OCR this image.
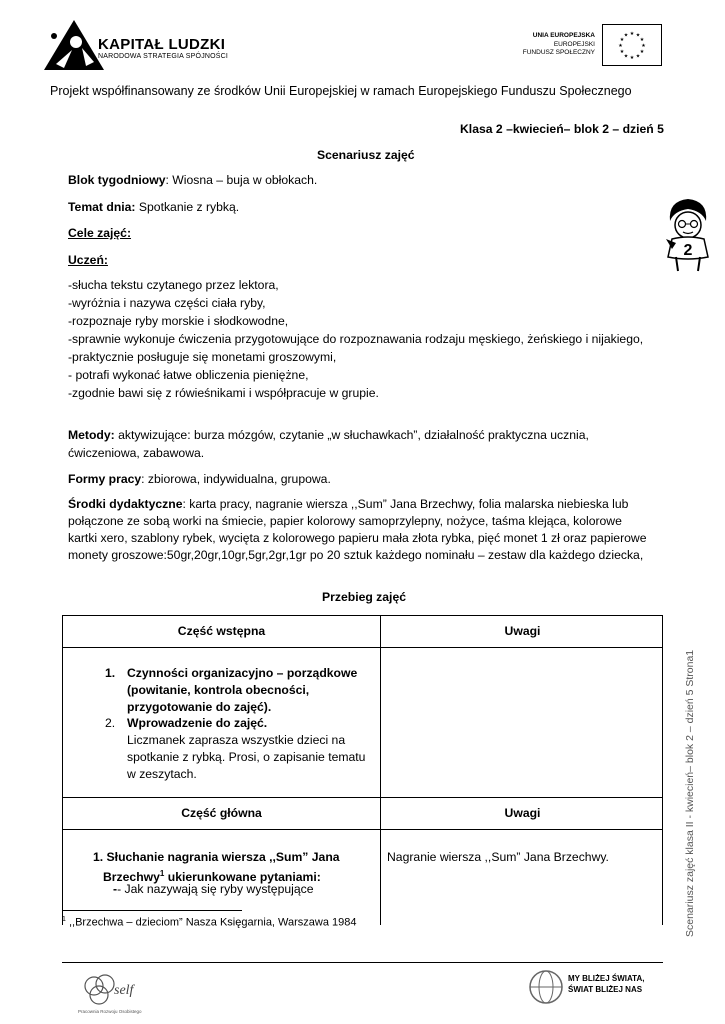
KAPITAŁ LUDZKI
NARODOWA STRATEGIA SPÓJNOŚCI
UNIA EUROPEJSKA
EUROPEJSKI
FUNDUSZ SPOŁECZNY
★ ★
★
★
★
★
★
★
★
★
★
★
Projekt współfinansowany ze środków Unii Europejskiej w ramach Europejskiego Funduszu Społecznego
Klasa 2 –kwiecień– blok 2 – dzień 5
Scenariusz zajęć
Blok tygodniowy: Wiosna – buja w obłokach.
Temat dnia: Spotkanie z rybką.
Cele zajęć:
Uczeń:
-słucha tekstu czytanego przez lektora,
-wyróżnia i nazywa części ciała ryby,
-rozpoznaje ryby morskie i słodkowodne,
-sprawnie wykonuje ćwiczenia przygotowujące do rozpoznawania rodzaju męskiego, żeńskiego i nijakiego,
-praktycznie posługuje się monetami groszowymi,
- potrafi wykonać łatwe obliczenia pieniężne,
-zgodnie bawi się z rówieśnikami i współpracuje w grupie.
Metody: aktywizujące: burza mózgów, czytanie „w słuchawkach”, działalność praktyczna ucznia,
ćwiczeniowa, zabawowa.
Formy pracy: zbiorowa, indywidualna, grupowa.
Środki dydaktyczne: karta pracy, nagranie wiersza ,,Sum” Jana Brzechwy, folia malarska niebieska lub
połączone ze sobą worki na śmiecie, papier kolorowy samoprzylepny, nożyce, taśma klejąca, kolorowe
kartki xero, szablony rybek, wycięta z kolorowego papieru mała złota rybka, pięć monet 1 zł oraz papierowe
monety groszowe:50gr,20gr,10gr,5gr,2gr,1gr po 20 sztuk każdego nominału – zestaw dla każdego dziecka,
2
Scenariusz zajęć klasa II - kwiecień– blok 2 – dzień 5 Strona1
Przebieg zajęć
Część wstępna	Uwagi
1. Czynności organizacyjno – porządkowe
(powitanie, kontrola obecności,
przygotowanie do zajęć).
2. Wprowadzenie do zajęć.
Liczmanek zaprasza wszystkie dzieci na
spotkanie z rybką. Prosi, o zapisanie tematu
w zeszytach.
Część główna	Uwagi
1. Słuchanie nagrania wiersza ,,Sum” Jana
Brzechwy$^1$ ukierunkowane pytaniami:
-- Jak nazywają się ryby występujące
Nagranie wiersza ,,Sum” Jana Brzechwy.
$^1$ ,,Brzechwa – dzieciom” Nasza Księgarnia, Warszawa 1984
self
Pracownia Rozwoju Osobistego
MY BLIŻEJ ŚWIATA,
ŚWIAT BLIŻEJ NAS
